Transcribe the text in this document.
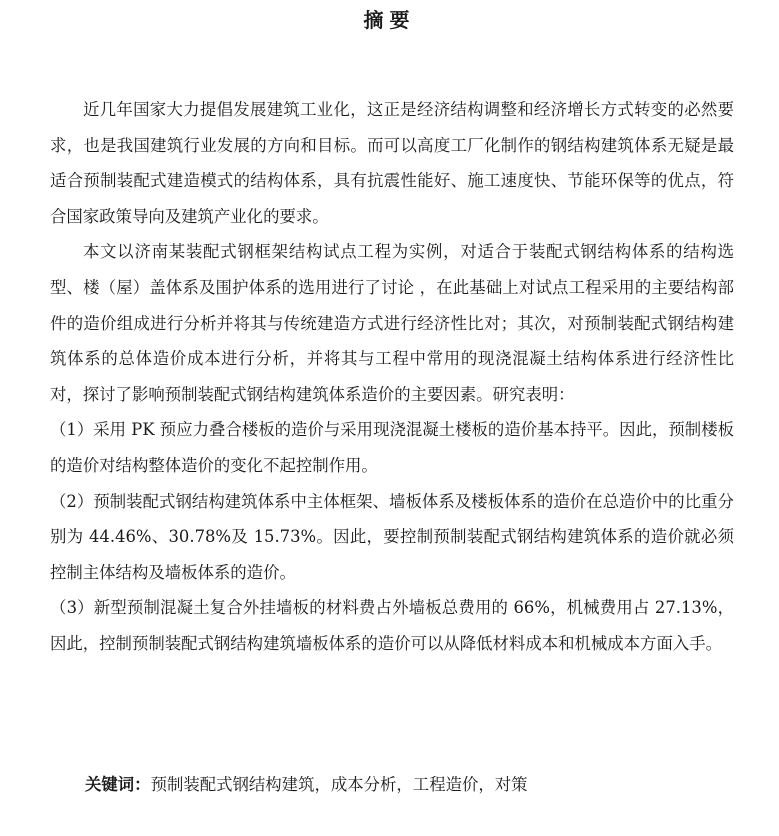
摘要

近几年国家大力提倡发展建筑工业化，这正是经济结构调整和经济增长方式转变的必然要求，也是我国建筑行业发展的方向和目标。而可以高度工厂化制作的钢结构建筑体系无疑是最适合预制装配式建造模式的结构体系，具有抗震性能好、施工速度快、节能环保等的优点，符合国家政策导向及建筑产业化的要求。

本文以济南某装配式钢框架结构试点工程为实例，对适合于装配式钢结构体系的结构选型、楼（屋）盖体系及围护体系的选用进行了讨论 ，在此基础上对试点工程采用的主要结构部件的造价组成进行分析并将其与传统建造方式进行经济性比对；其次，对预制装配式钢结构建筑体系的总体造价成本进行分析，并将其与工程中常用的现浇混凝土结构体系进行经济性比对，探讨了影响预制装配式钢结构建筑体系造价的主要因素。研究表明：

（1）采用 PK 预应力叠合楼板的造价与采用现浇混凝土楼板的造价基本持平。因此，预制楼板的造价对结构整体造价的变化不起控制作用。

（2）预制装配式钢结构建筑体系中主体框架、墙板体系及楼板体系的造价在总造价中的比重分别为 44.46%、30.78%及 15.73%。因此，要控制预制装配式钢结构建筑体系的造价就必须控制主体结构及墙板体系的造价。

（3）新型预制混凝土复合外挂墙板的材料费占外墙板总费用的 66%，机械费用占 27.13%，因此，控制预制装配式钢结构建筑墙板体系的造价可以从降低材料成本和机械成本方面入手。

关键词：预制装配式钢结构建筑，成本分析，工程造价，对策
